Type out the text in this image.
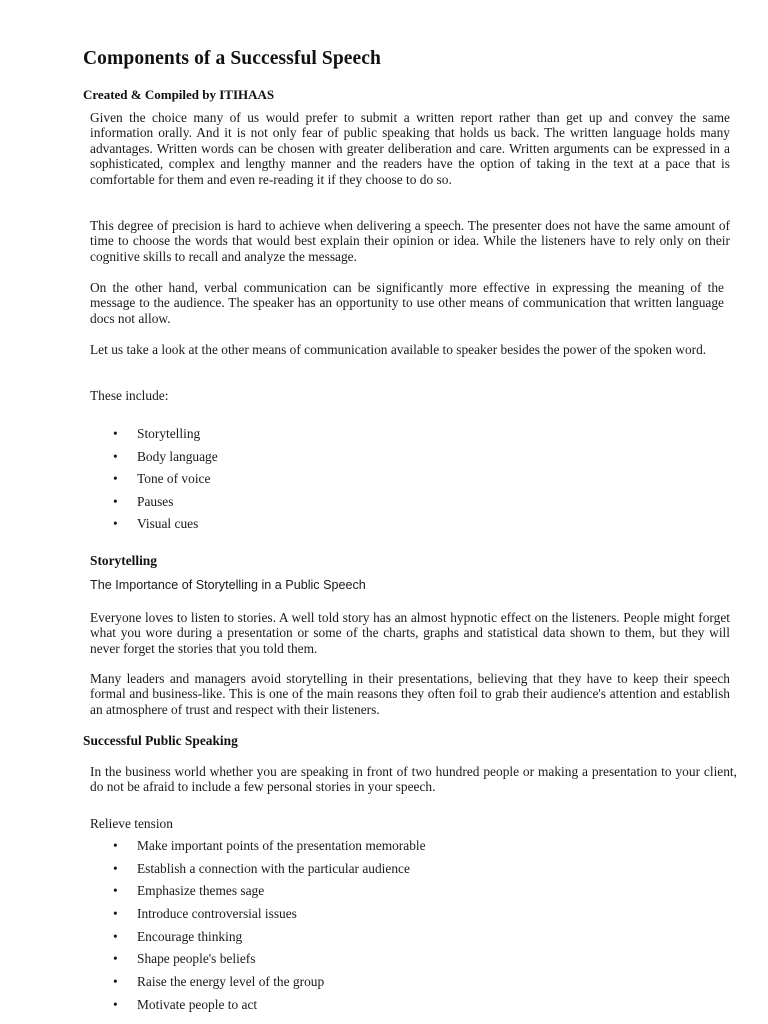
Components of a Successful Speech

Created & Compiled by ITIHAAS

Given the choice many of us would prefer to submit a written report rather than get up and convey the same information orally. And it is not only fear of public speaking that holds us back. The written language holds many advantages. Written words can be chosen with greater deliberation and care. Written arguments can be expressed in a sophisticated, complex and lengthy manner and the readers have the option of taking in the text at a pace that is comfortable for them and even re-reading it if they choose to do so.

This degree of precision is hard to achieve when delivering a speech. The presenter does not have the same amount of time to choose the words that would best explain their opinion or idea. While the listeners have to rely only on their cognitive skills to recall and analyze the message.

On the other hand, verbal communication can be significantly more effective in expressing the meaning of the message to the audience. The speaker has an opportunity to use other means of communication that written language docs not allow.

Let us take a look at the other means of communication available to speaker besides the power of the spoken word.

These include:

• Storytelling
• Body language
• Tone of voice
• Pauses
• Visual cues

Storytelling

The Importance of Storytelling in a Public Speech

Everyone loves to listen to stories. A well told story has an almost hypnotic effect on the listeners. People might forget what you wore during a presentation or some of the charts, graphs and statistical data shown to them, but they will never forget the stories that you told them.

Many leaders and managers avoid storytelling in their presentations, believing that they have to keep their speech formal and business-like. This is one of the main reasons they often foil to grab their audience's attention and establish an atmosphere of trust and respect with their listeners.

Successful Public Speaking

In the business world whether you are speaking in front of two hundred people or making a presentation to your client, do not be afraid to include a few personal stories in your speech.

Relieve tension

• Make important points of the presentation memorable
• Establish a connection with the particular audience
• Emphasize themes sage
• Introduce controversial issues
• Encourage thinking
• Shape people's beliefs
• Raise the energy level of the group
• Motivate people to act
